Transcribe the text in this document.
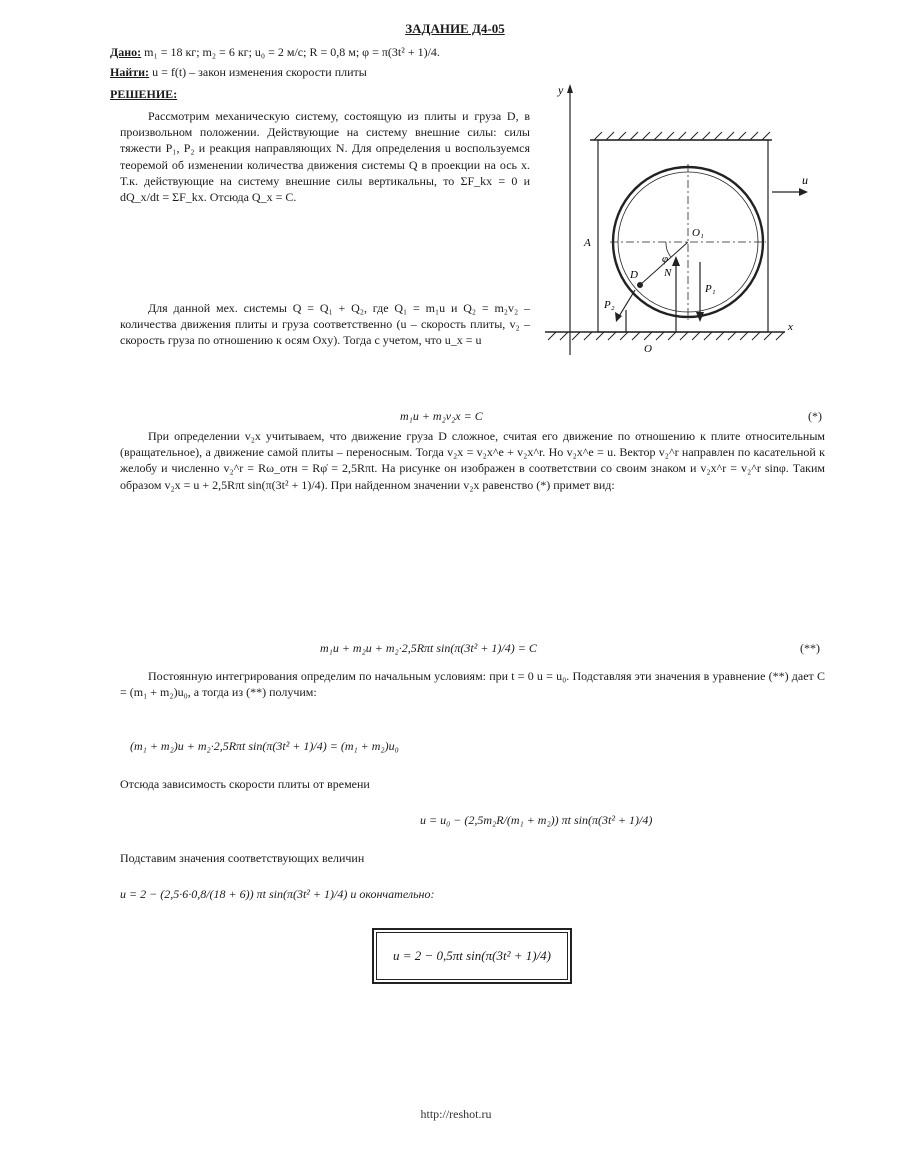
ЗАДАНИЕ Д4-05
Дано: m₁ = 18 кг; m₂ = 6 кг; u₀ = 2 м/с; R = 0,8 м; φ = π(3t² + 1)/4.
Найти: u = f(t) – закон изменения скорости плиты
РЕШЕНИЕ:
Рассмотрим механическую систему, состоящую из плиты и груза D, в произвольном положении. Действующие на систему внешние силы: силы тяжести P₁, P₂ и реакция направляющих N. Для определения u воспользуемся теоремой об изменении количества движения системы Q в проекции на ось x. Т.к. действующие на систему внешние силы вертикальны, то ΣF_kx = 0 и dQ_x/dt = ΣF_kx. Отсюда Q_x = C.
y
u
A
O₁
φ
D N
P₂
P₁
O
x
Для данной мех. системы Q = Q₁ + Q₂, где Q₁ = m₁u и Q₂ = m₂v₂ – количества движения плиты и груза соответственно (u – скорость плиты, v₂ – скорость груза по отношению к осям Oxy). Тогда с учетом, что u_x = u
m₁u + m₂v₂x = C	(*)
При определении v₂x учитываем, что движение груза D сложное, считая его движение по отношению к плите относительным (вращательное), а движение самой плиты – переносным. Тогда v₂x = v₂x^e + v₂x^r. Но v₂x^e = u. Вектор v₂^r направлен по касательной к желобу и численно v₂^r = Rω_отн = Rφ̇ = 2,5Rπt. На рисунке он изображен в соответствии со своим знаком и v₂x^r = v₂^r sinφ. Таким образом v₂x = u + 2,5Rπt sin(π(3t² + 1)/4). При найденном значении v₂x равенство (*) примет вид:
m₁u + m₂u + m₂·2,5Rπt sin(π(3t² + 1)/4) = C	(**)
Постоянную интегрирования определим по начальным условиям: при t = 0 u = u₀. Подставляя эти значения в уравнение (**) дает C = (m₁ + m₂)u₀, а тогда из (**) получим:
(m₁ + m₂)u + m₂·2,5Rπt sin(π(3t² + 1)/4) = (m₁ + m₂)u₀
Отсюда зависимость скорости плиты от времени
u = u₀ − (2,5m₂R/(m₁ + m₂)) πt sin(π(3t² + 1)/4)
Подставим значения соответствующих величин
u = 2 − (2,5·6·0,8/(18 + 6)) πt sin(π(3t² + 1)/4) и окончательно:
u = 2 − 0,5πt sin(π(3t² + 1)/4)
http://reshot.ru
